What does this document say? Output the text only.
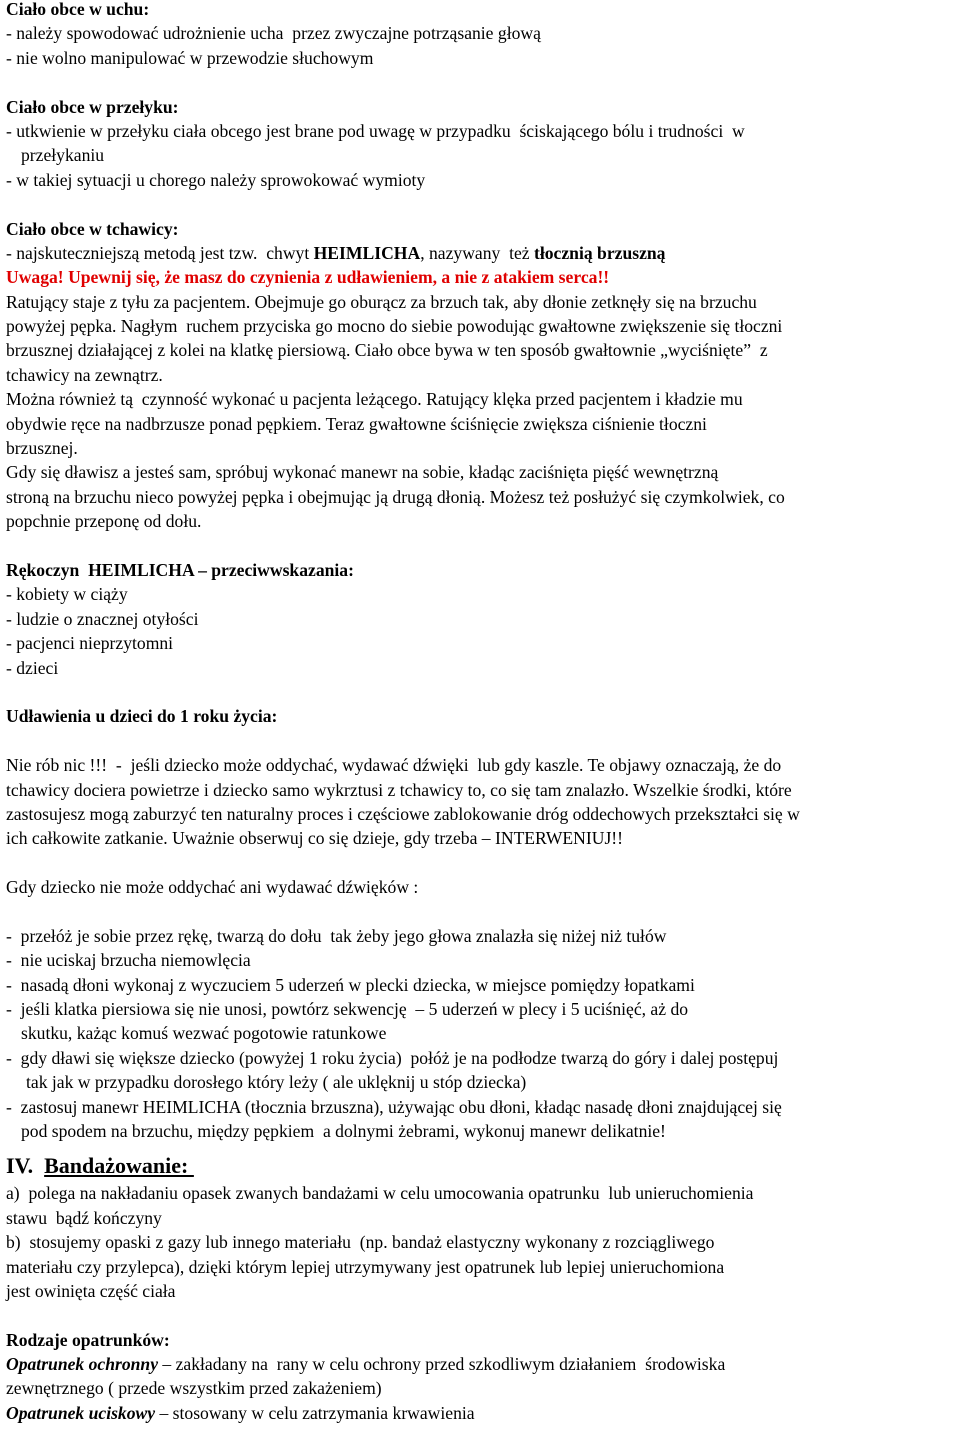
Ciało obce w uchu:
- należy spowodować udrożnienie ucha  przez zwyczajne potrząsanie głową
- nie wolno manipulować w przewodzie słuchowym
Ciało obce w przełyku:
- utkwienie w przełyku ciała obcego jest brane pod uwagę w przypadku  ściskającego bólu i trudności  w
przełykaniu
- w takiej sytuacji u chorego należy sprowokować wymioty
Ciało obce w tchawicy:
- najskuteczniejszą metodą jest tzw.  chwyt HEIMLICHA, nazywany  też tłocznią brzuszną
Uwaga! Upewnij się, że masz do czynienia z udławieniem, a nie z atakiem serca!!
Ratujący staje z tyłu za pacjentem. Obejmuje go oburącz za brzuch tak, aby dłonie zetknęły się na brzuchu
powyżej pępka. Nagłym  ruchem przyciska go mocno do siebie powodując gwałtowne zwiększenie się tłoczni
brzusznej działającej z kolei na klatkę piersiową. Ciało obce bywa w ten sposób gwałtownie „wyciśnięte”  z
tchawicy na zewnątrz.
Można również tą  czynność wykonać u pacjenta leżącego. Ratujący klęka przed pacjentem i kładzie mu
obydwie ręce na nadbrzusze ponad pępkiem. Teraz gwałtowne ściśnięcie zwiększa ciśnienie tłoczni
brzusznej.
Gdy się dławisz a jesteś sam, spróbuj wykonać manewr na sobie, kładąc zaciśnięta pięść wewnętrzną
stroną na brzuchu nieco powyżej pępka i obejmując ją drugą dłonią. Możesz też posłużyć się czymkolwiek, co
popchnie przeponę od dołu.
Rękoczyn  HEIMLICHA – przeciwwskazania:
- kobiety w ciąży
- ludzie o znacznej otyłości
- pacjenci nieprzytomni
- dzieci
Udławienia u dzieci do 1 roku życia:
Nie rób nic !!!  -  jeśli dziecko może oddychać, wydawać dźwięki  lub gdy kaszle. Te objawy oznaczają, że do
tchawicy dociera powietrze i dziecko samo wykrztusi z tchawicy to, co się tam znalazło. Wszelkie środki, które
zastosujesz mogą zaburzyć ten naturalny proces i częściowe zablokowanie dróg oddechowych przekształci się w
ich całkowite zatkanie. Uważnie obserwuj co się dzieje, gdy trzeba – INTERWENIUJ!!
Gdy dziecko nie może oddychać ani wydawać dźwięków :
-  przełóż je sobie przez rękę, twarzą do dołu  tak żeby jego głowa znalazła się niżej niż tułów
-  nie uciskaj brzucha niemowlęcia
-  nasadą dłoni wykonaj z wyczuciem 5 uderzeń w plecki dziecka, w miejsce pomiędzy łopatkami
-  jeśli klatka piersiowa się nie unosi, powtórz sekwencję  – 5 uderzeń w plecy i 5 uciśnięć, aż do
skutku, każąc komuś wezwać pogotowie ratunkowe
-  gdy dławi się większe dziecko (powyżej 1 roku życia)  połóż je na podłodze twarzą do góry i dalej postępuj
tak jak w przypadku dorosłego który leży ( ale uklęknij u stóp dziecka)
-  zastosuj manewr HEIMLICHA (tłocznia brzuszna), używając obu dłoni, kładąc nasadę dłoni znajdującej się
pod spodem na brzuchu, między pępkiem  a dolnymi żebrami, wykonuj manewr delikatnie!
IV. Bandażowanie:
a)  polega na nakładaniu opasek zwanych bandażami w celu umocowania opatrunku  lub unieruchomienia
stawu  bądź kończyny
b)  stosujemy opaski z gazy lub innego materiału  (np. bandaż elastyczny wykonany z rozciągliwego
materiału czy przylepca), dzięki którym lepiej utrzymywany jest opatrunek lub lepiej unieruchomiona
jest owinięta część ciała
Rodzaje opatrunków:
Opatrunek ochronny – zakładany na  rany w celu ochrony przed szkodliwym działaniem  środowiska
zewnętrznego ( przede wszystkim przed zakażeniem)
Opatrunek uciskowy – stosowany w celu zatrzymania krwawienia
